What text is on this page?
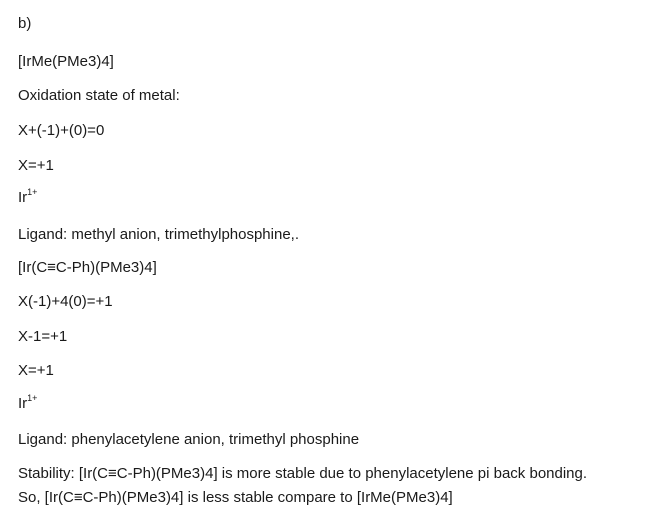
b)
[IrMe(PMe3)4]
Oxidation state of metal:
X+(-1)+(0)=0
X=+1
$Ir^{1+}$
Ligand: methyl anion, trimethylphosphine,.
[Ir(C≡C-Ph)(PMe3)4]
X(-1)+4(0)=+1
X-1=+1
X=+1
$Ir^{1+}$
Ligand: phenylacetylene anion, trimethyl phosphine
Stability: [Ir(C≡C-Ph)(PMe3)4] is more stable due to phenylacetylene pi back bonding.
So, [Ir(C≡C-Ph)(PMe3)4] is less stable compare to [IrMe(PMe3)4]
